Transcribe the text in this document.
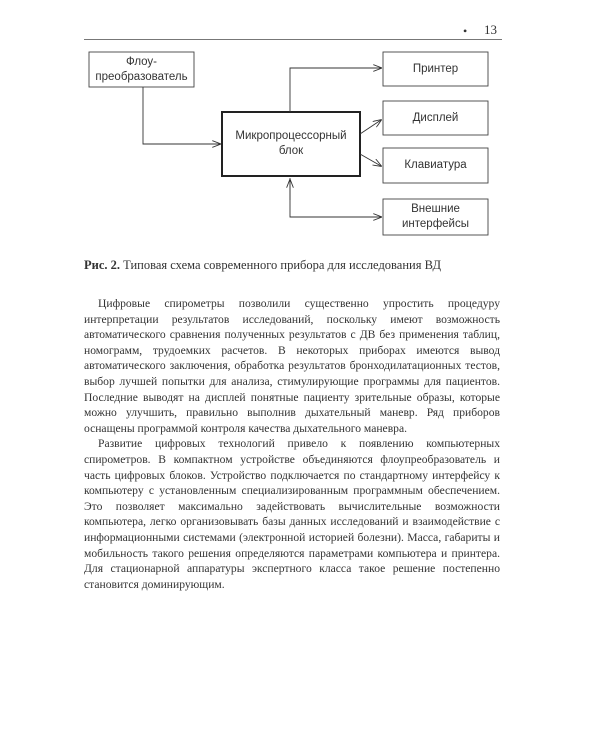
• 13
Флоу-
преобразователь
Микропроцессорный
блок
Принтер
Дисплей
Клавиатура
Внешние
интерфейсы
Рис. 2. Типовая схема современного прибора для исследования ВД

Цифровые спирометры позволили существенно упростить процедуру интерпретации результатов исследований, поскольку имеют возможность автоматического сравнения полученных результатов с ДВ без применения таблиц, номограмм, трудоемких расчетов. В некоторых приборах имеются вывод автоматического заключения, обработка результатов бронходилатационных тестов, выбор лучшей попытки для анализа, стимулирующие программы для пациентов. Последние выводят на дисплей понятные пациенту зрительные образы, которые можно улучшить, правильно выполнив дыхательный маневр. Ряд приборов оснащены программой контроля качества дыхательного маневра.

Развитие цифровых технологий привело к появлению компьютерных спирометров. В компактном устройстве объединяются флоупреобразователь и часть цифровых блоков. Устройство подключается по стандартному интерфейсу к компьютеру с установленным специализированным программным обеспечением. Это позволяет максимально задействовать вычислительные возможности компьютера, легко организовывать базы данных исследований и взаимодействие с информационными системами (электронной историей болезни). Масса, габариты и мобильность такого решения определяются параметрами компьютера и принтера. Для стационарной аппаратуры экспертного класса такое решение постепенно становится доминирующим.
